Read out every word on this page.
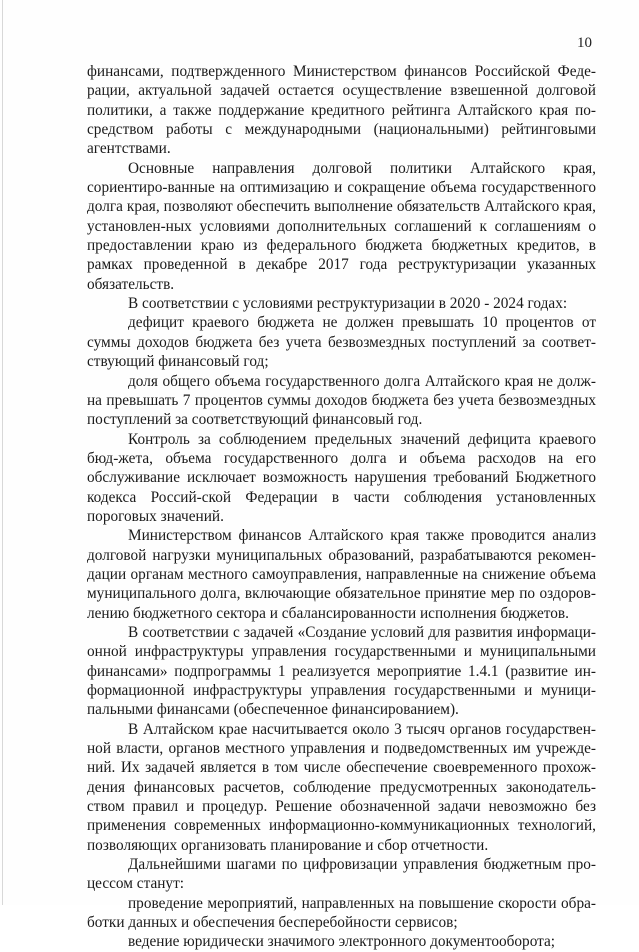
10

финансами, подтвержденного Министерством финансов Российской Феде-рации, актуальной задачей остается осуществление взвешенной долговой политики, а также поддержание кредитного рейтинга Алтайского края по-средством работы с международными (национальными) рейтинговыми агентствами.

Основные направления долговой политики Алтайского края, сориентиро-ванные на оптимизацию и сокращение объема государственного долга края, позволяют обеспечить выполнение обязательств Алтайского края, установлен-ных условиями дополнительных соглашений к соглашениям о предоставлении краю из федерального бюджета бюджетных кредитов, в рамках проведенной в декабре 2017 года реструктуризации указанных обязательств.

В соответствии с условиями реструктуризации в 2020 - 2024 годах:

дефицит краевого бюджета не должен превышать 10 процентов от суммы доходов бюджета без учета безвозмездных поступлений за соответ-ствующий финансовый год;

доля общего объема государственного долга Алтайского края не долж-на превышать 7 процентов суммы доходов бюджета без учета безвозмездных поступлений за соответствующий финансовый год.

Контроль за соблюдением предельных значений дефицита краевого бюд-жета, объема государственного долга и объема расходов на его обслуживание исключает возможность нарушения требований Бюджетного кодекса Россий-ской Федерации в части соблюдения установленных пороговых значений.

Министерством финансов Алтайского края также проводится анализ долговой нагрузки муниципальных образований, разрабатываются рекомен-дации органам местного самоуправления, направленные на снижение объема муниципального долга, включающие обязательное принятие мер по оздоров-лению бюджетного сектора и сбалансированности исполнения бюджетов.

В соответствии с задачей «Создание условий для развития информаци-онной инфраструктуры управления государственными и муниципальными финансами» подпрограммы 1 реализуется мероприятие 1.4.1 (развитие ин-формационной инфраструктуры управления государственными и муници-пальными финансами (обеспеченное финансированием).

В Алтайском крае насчитывается около 3 тысяч органов государствен-ной власти, органов местного управления и подведомственных им учрежде-ний. Их задачей является в том числе обеспечение своевременного прохож-дения финансовых расчетов, соблюдение предусмотренных законодатель-ством правил и процедур. Решение обозначенной задачи невозможно без применения современных информационно-коммуникационных технологий, позволяющих организовать планирование и сбор отчетности.

Дальнейшими шагами по цифровизации управления бюджетным про-цессом станут:

проведение мероприятий, направленных на повышение скорости обра-ботки данных и обеспечения бесперебойности сервисов;

ведение юридически значимого электронного документооборота;
